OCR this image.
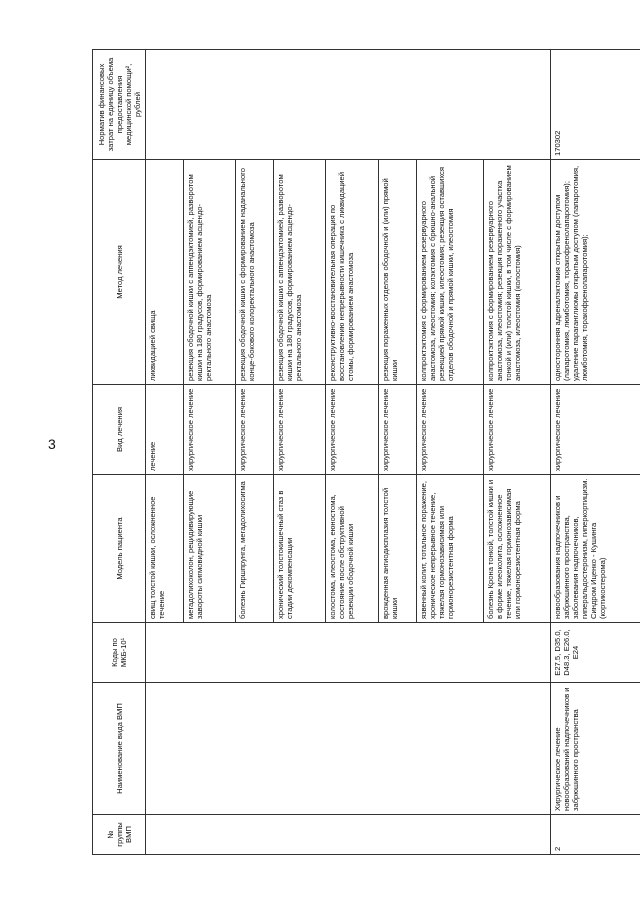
3
№ группы ВМП	Наименование вида ВМП	Коды по МКБ-10¹	Модель пациента	Вид лечения	Метод лечения	Норматив финансовых затрат на единицу объема предоставления медицинской помощи², рублей
			свищ толстой кишки, осложненное течение	лечение	ликвидацией свища	
			мегадолихоколон, рецидивирующие завороты сигмовидной кишки	хирургическое лечение	резекция ободочной кишки с аппендэктомией, разворотом кишки на 180 градусов, формированием асцендо-ректального анастомоза	
			болезнь Гиршпрунга, мегадолихосигма	хирургическое лечение	резекция ободочной кишки с формированием наданального конце-бокового колоректального анастомоза	
			хронический толстокишечный стаз в стадии декомпенсации	хирургическое лечение	резекция ободочной кишки с аппендэктомией, разворотом кишки на 180 градусов, формированием асцендо-ректального анастомоза	
			колостома, илеостома, еюностома, состояние после обструктивной резекции ободочной кишки	хирургическое лечение	реконструктивно-восстановительная операция по восстановлению непрерывности кишечника с ликвидацией стомы, формированием анастомоза	
			врожденная ангиодисплазия толстой кишки	хирургическое лечение	резекция пораженных отделов ободочной и (или) прямой кишки	
			язвенный колит, тотальное поражение, хроническое непрерывное течение, тяжелая гормонозависимая или гормонорезистентная форма	хирургическое лечение	колпроктэктомия с формированием резервуарного анастомоза, илеостомия; колэктомия с брюшно-анальной резекцией прямой кишки, илеостомия; резекция оставшихся отделов ободочной и прямой кишки, илеостомия	
			болезнь Крона тонкой, толстой кишки и в форме илеоколита, осложненное течение, тяжелая гормонозависимая или гормонорезистентная форма	хирургическое лечение	колпроктэктомия с формированием резервуарного анастомоза, илеостомия; резекция пораженного участка тонкой и (или) толстой кишки, в том числе с формированием анастомоза, илеостомия (колостомия)	
2	Хирургическое лечение новообразований надпочечников и забрюшинного пространства	E27.5, D35.0, D48.3, E26.0, E24	новообразования надпочечников и забрюшинного пространства, заболевания надпочечников, гиперальдостеронизм, гиперкортицизм. Синдром Иценко - Кушинга (кортикостерома)	хирургическое лечение	односторонняя адреналэктомия открытым доступом (лапаротомия, люмботомия, торакофренолапаротомия); удаление параганглиомы открытым доступом (лапаротомия, люмботомия, торакофренолапаротомия);	170302
